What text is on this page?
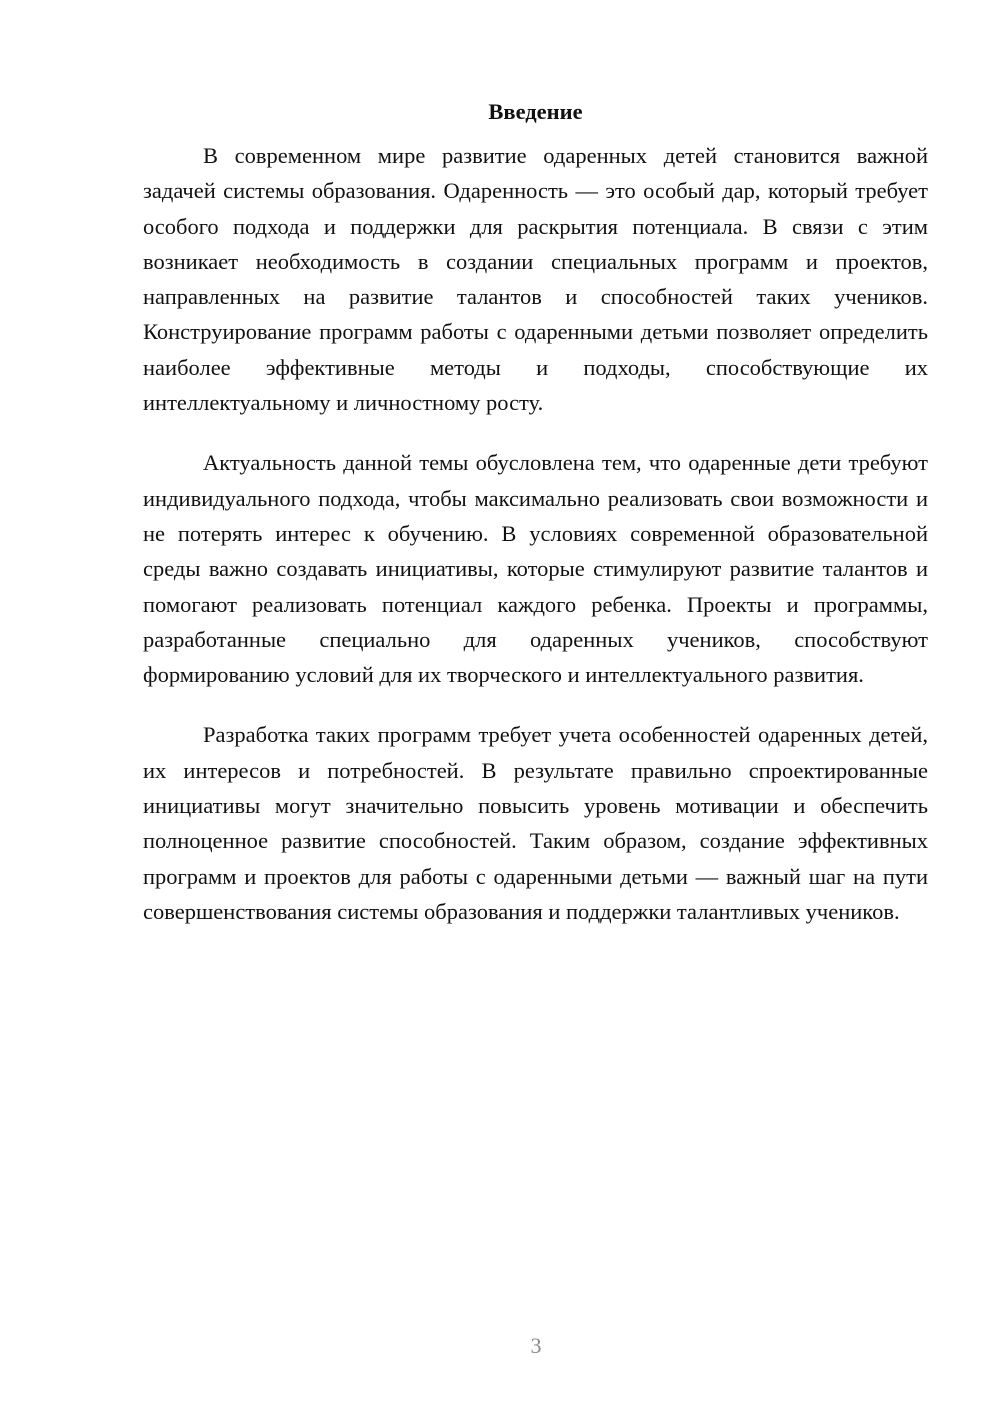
Введение

В современном мире развитие одаренных детей становится важной задачей системы образования. Одаренность — это особый дар, который требует особого подхода и поддержки для раскрытия потенциала. В связи с этим возникает необходимость в создании специальных программ и проектов, направленных на развитие талантов и способностей таких учеников. Конструирование программ работы с одаренными детьми позволяет определить наиболее эффективные методы и подходы, способствующие их интеллектуальному и личностному росту.

Актуальность данной темы обусловлена тем, что одаренные дети требуют индивидуального подхода, чтобы максимально реализовать свои возможности и не потерять интерес к обучению. В условиях современной образовательной среды важно создавать инициативы, которые стимулируют развитие талантов и помогают реализовать потенциал каждого ребенка. Проекты и программы, разработанные специально для одаренных учеников, способствуют формированию условий для их творческого и интеллектуального развития.

Разработка таких программ требует учета особенностей одаренных детей, их интересов и потребностей. В результате правильно спроектированные инициативы могут значительно повысить уровень мотивации и обеспечить полноценное развитие способностей. Таким образом, создание эффективных программ и проектов для работы с одаренными детьми — важный шаг на пути совершенствования системы образования и поддержки талантливых учеников.

3
